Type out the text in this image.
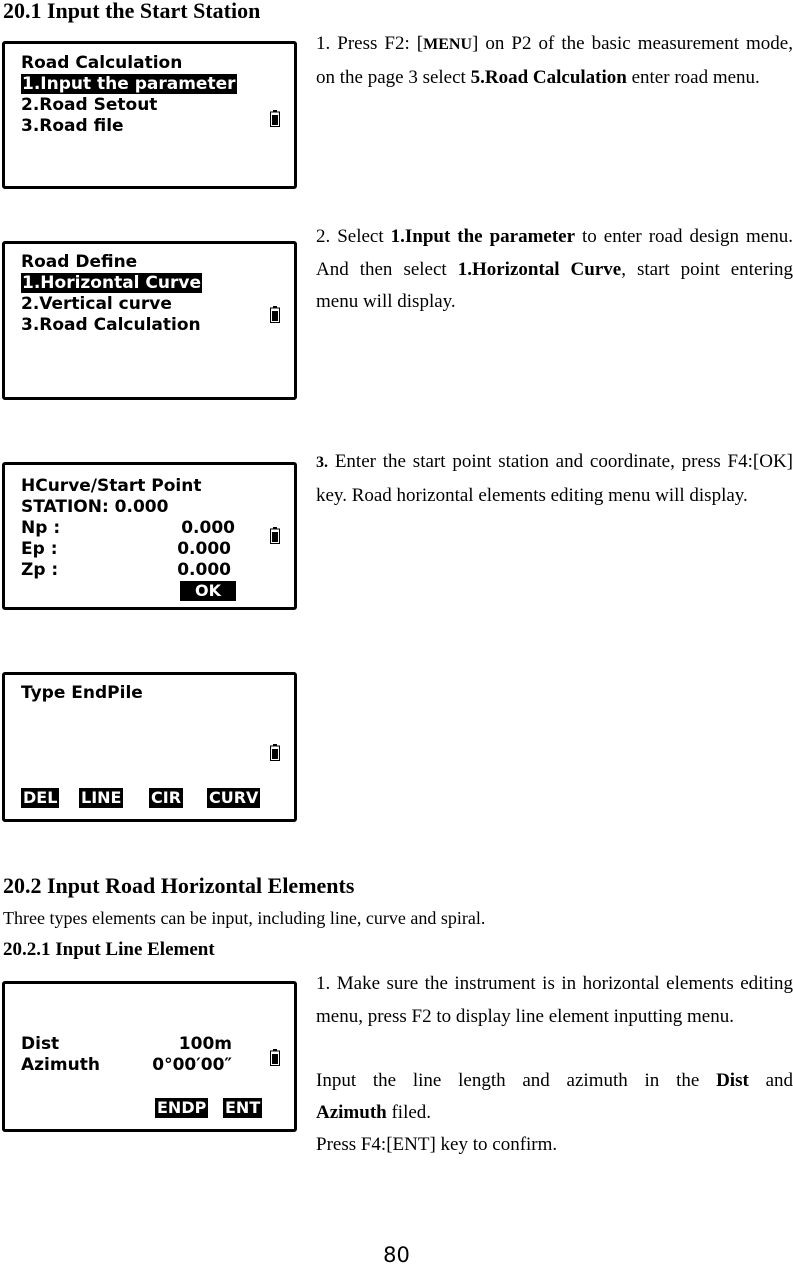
20.1 Input the Start Station
Road Calculation
1.Input the parameter
2.Road Setout
3.Road file

1. Press F2: [MENU] on P2 of the basic measurement mode, on the page 3 select 5.Road Calculation enter road menu.

Road Define
1.Horizontal Curve
2.Vertical curve
3.Road Calculation

2. Select 1.Input the parameter to enter road design menu. And then select 1.Horizontal Curve, start point entering menu will display.

HCurve/Start Point
STATION: 0.000
Np :	0.000
Ep :	0.000
Zp :	0.000
OK

3. Enter the start point station and coordinate, press F4:[OK] key. Road horizontal elements editing menu will display.

Type EndPile
DEL LINE CIR CURV
20.2 Input Road Horizontal Elements

Three types elements can be input, including line, curve and spiral.

20.2.1 Input Line Element
Dist	100m
Azimuth	0°00′00″
ENDP ENT

1. Make sure the instrument is in horizontal elements editing menu, press F2 to display line element inputting menu.

Input the line length and azimuth in the Dist and

Azimuth filed.

Press F4:[ENT] key to confirm.

80
